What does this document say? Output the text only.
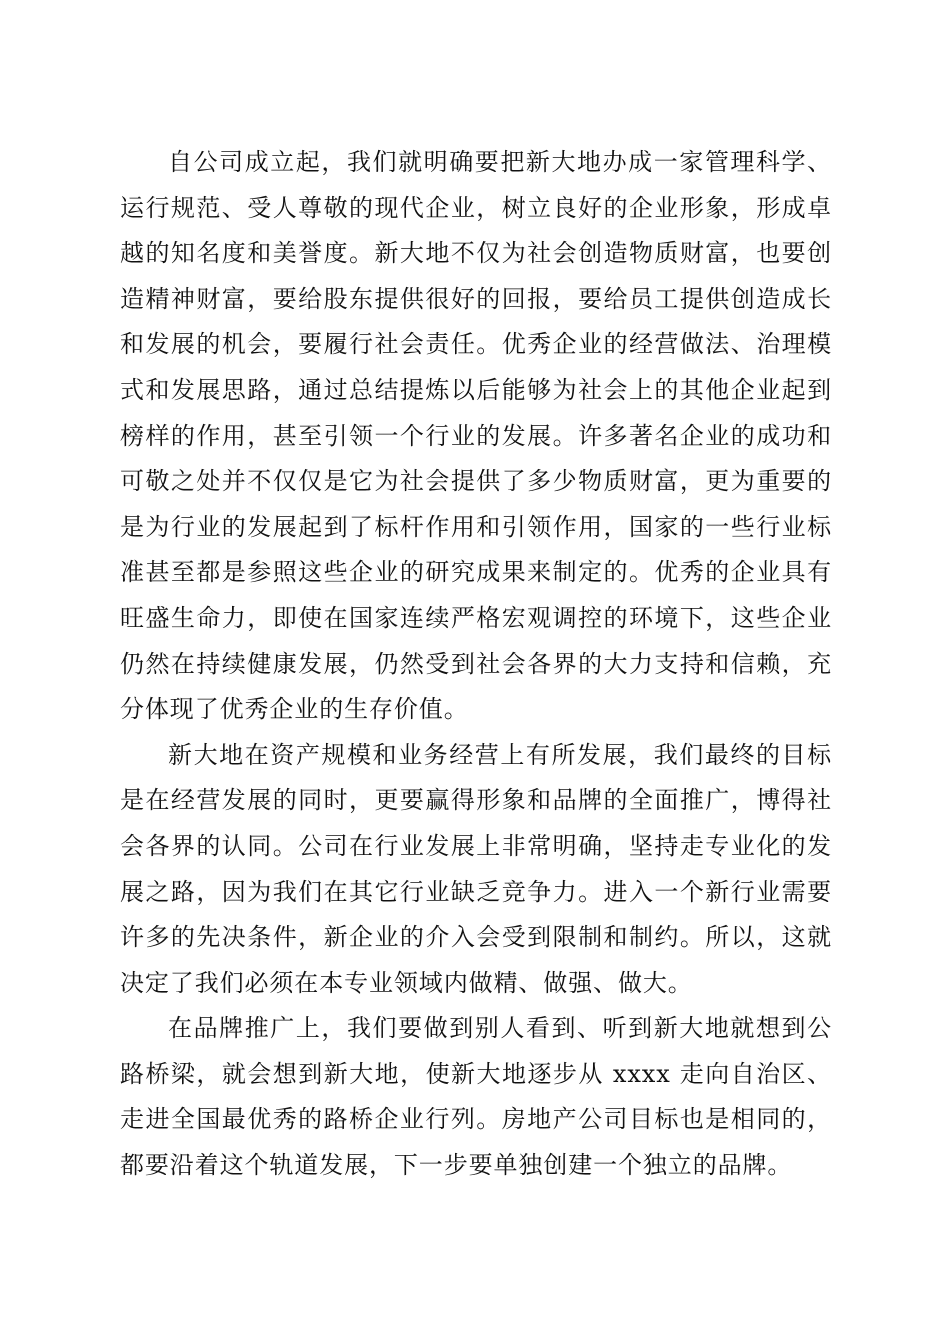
自公司成立起，我们就明确要把新大地办成一家管理科学、运行规范、受人尊敬的现代企业，树立良好的企业形象，形成卓越的知名度和美誉度。新大地不仅为社会创造物质财富，也要创造精神财富，要给股东提供很好的回报，要给员工提供创造成长和发展的机会，要履行社会责任。优秀企业的经营做法、治理模式和发展思路，通过总结提炼以后能够为社会上的其他企业起到榜样的作用，甚至引领一个行业的发展。许多著名企业的成功和可敬之处并不仅仅是它为社会提供了多少物质财富，更为重要的是为行业的发展起到了标杆作用和引领作用，国家的一些行业标准甚至都是参照这些企业的研究成果来制定的。优秀的企业具有旺盛生命力，即使在国家连续严格宏观调控的环境下，这些企业仍然在持续健康发展，仍然受到社会各界的大力支持和信赖，充分体现了优秀企业的生存价值。

新大地在资产规模和业务经营上有所发展，我们最终的目标是在经营发展的同时，更要赢得形象和品牌的全面推广，博得社会各界的认同。公司在行业发展上非常明确，坚持走专业化的发展之路，因为我们在其它行业缺乏竞争力。进入一个新行业需要许多的先决条件，新企业的介入会受到限制和制约。所以，这就决定了我们必须在本专业领域内做精、做强、做大。

在品牌推广上，我们要做到别人看到、听到新大地就想到公路桥梁，就会想到新大地，使新大地逐步从 xxxx 走向自治区、走进全国最优秀的路桥企业行列。房地产公司目标也是相同的，都要沿着这个轨道发展，下一步要单独创建一个独立的品牌。
